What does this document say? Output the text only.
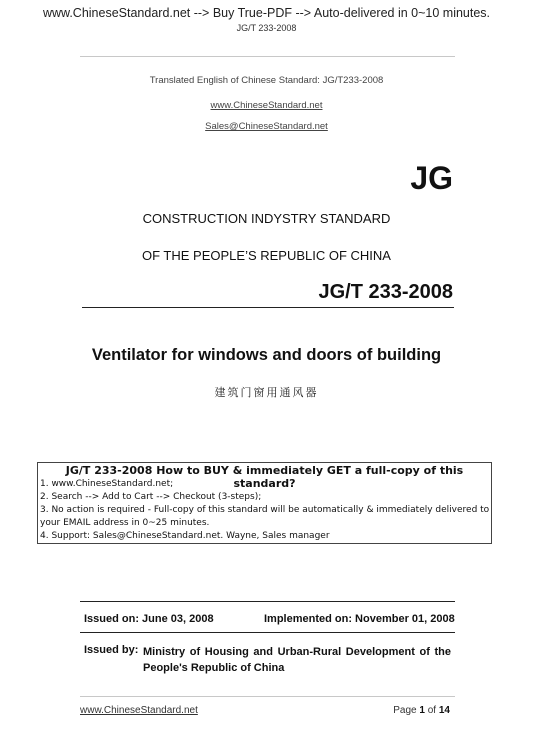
www.ChineseStandard.net --> Buy True-PDF --> Auto-delivered in 0~10 minutes.
JG/T 233-2008
Translated English of Chinese Standard: JG/T233-2008
www.ChineseStandard.net
Sales@ChineseStandard.net
JG
CONSTRUCTION INDYSTRY STANDARD
OF THE PEOPLE’S REPUBLIC OF CHINA
JG/T 233-2008
Ventilator for windows and doors of building
建筑门窗用通风器
JG/T 233-2008 How to BUY & immediately GET a full-copy of this standard?
1. www.ChineseStandard.net;
2. Search --> Add to Cart --> Checkout (3-steps);
3. No action is required - Full-copy of this standard will be automatically & immediately delivered to
your EMAIL address in 0~25 minutes.
4. Support: Sales@ChineseStandard.net. Wayne, Sales manager
Issued on: June 03, 2008	Implemented on: November 01, 2008
Issued by: Ministry of Housing and Urban-Rural Development of the People's Republic of China
www.ChineseStandard.net	Page 1 of 14
